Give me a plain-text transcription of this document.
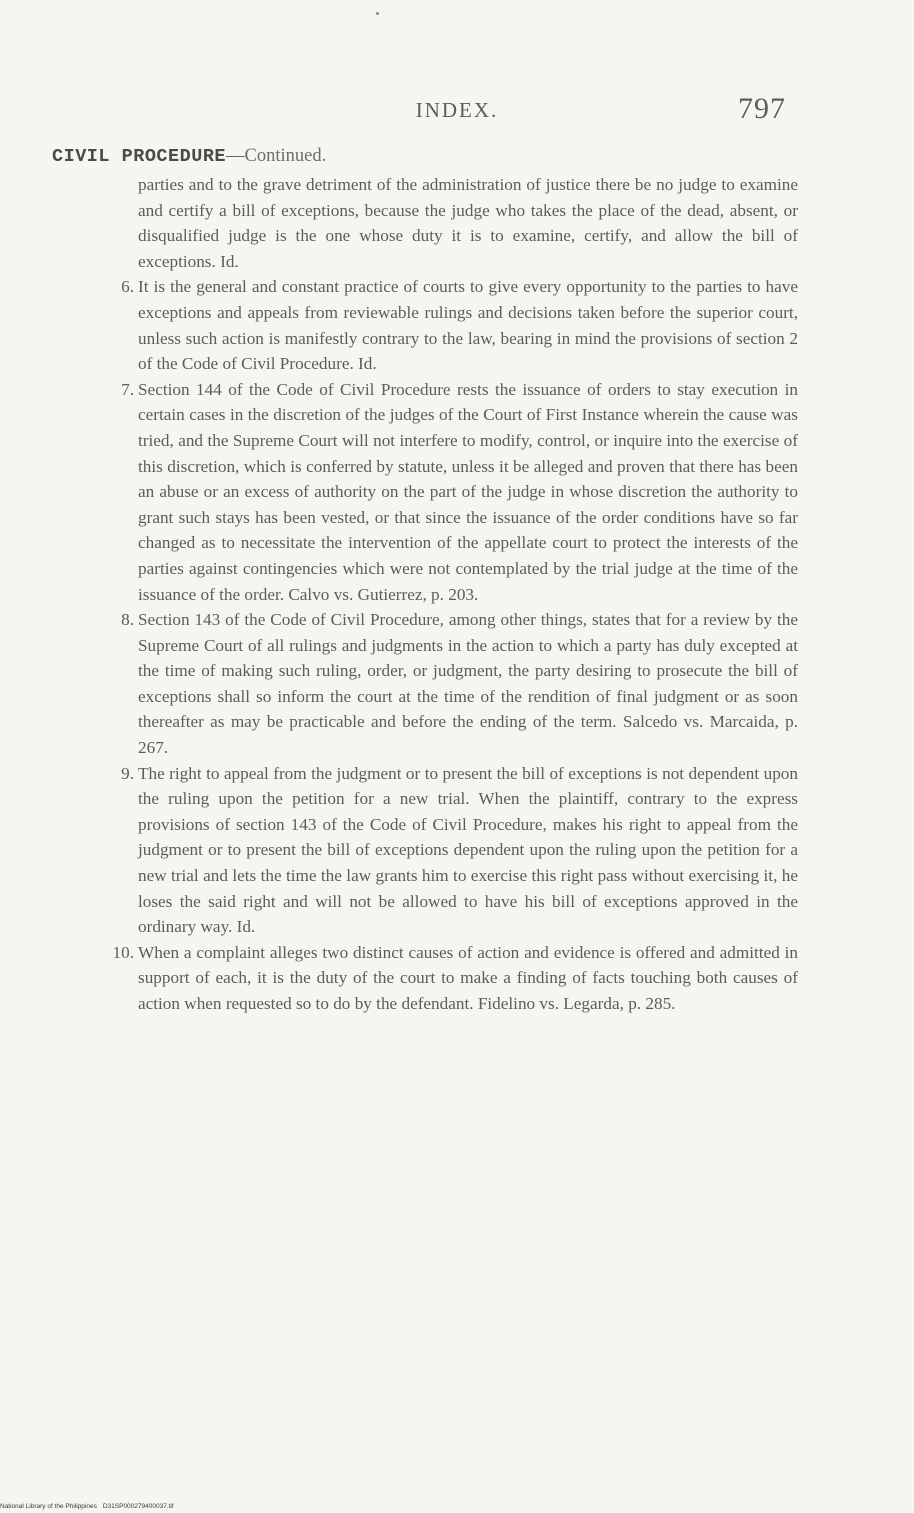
INDEX.	797
CIVIL PROCEDURE—Continued.

parties and to the grave detriment of the administration of justice there be no judge to examine and certify a bill of exceptions, because the judge who takes the place of the dead, absent, or disqualified judge is the one whose duty it is to examine, certify, and allow the bill of exceptions. Id.

6. It is the general and constant practice of courts to give every opportunity to the parties to have exceptions and appeals from reviewable rulings and decisions taken before the superior court, unless such action is manifestly contrary to the law, bearing in mind the provisions of section 2 of the Code of Civil Procedure. Id.

7. Section 144 of the Code of Civil Procedure rests the issuance of orders to stay execution in certain cases in the discretion of the judges of the Court of First Instance wherein the cause was tried, and the Supreme Court will not interfere to modify, control, or inquire into the exercise of this discretion, which is conferred by statute, unless it be alleged and proven that there has been an abuse or an excess of authority on the part of the judge in whose discretion the authority to grant such stays has been vested, or that since the issuance of the order conditions have so far changed as to necessitate the intervention of the appellate court to protect the interests of the parties against contingencies which were not contemplated by the trial judge at the time of the issuance of the order. Calvo vs. Gutierrez, p. 203.

8. Section 143 of the Code of Civil Procedure, among other things, states that for a review by the Supreme Court of all rulings and judgments in the action to which a party has duly excepted at the time of making such ruling, order, or judgment, the party desiring to prosecute the bill of exceptions shall so inform the court at the time of the rendition of final judgment or as soon thereafter as may be practicable and before the ending of the term. Salcedo vs. Marcaida, p. 267.

9. The right to appeal from the judgment or to present the bill of exceptions is not dependent upon the ruling upon the petition for a new trial. When the plaintiff, contrary to the express provisions of section 143 of the Code of Civil Procedure, makes his right to appeal from the judgment or to present the bill of exceptions dependent upon the ruling upon the petition for a new trial and lets the time the law grants him to exercise this right pass without exercising it, he loses the said right and will not be allowed to have his bill of exceptions approved in the ordinary way. Id.

10. When a complaint alleges two distinct causes of action and evidence is offered and admitted in support of each, it is the duty of the court to make a finding of facts touching both causes of action when requested so to do by the defendant. Fidelino vs. Legarda, p. 285.

National Library of the Philippines D31SP000279400037.tif
